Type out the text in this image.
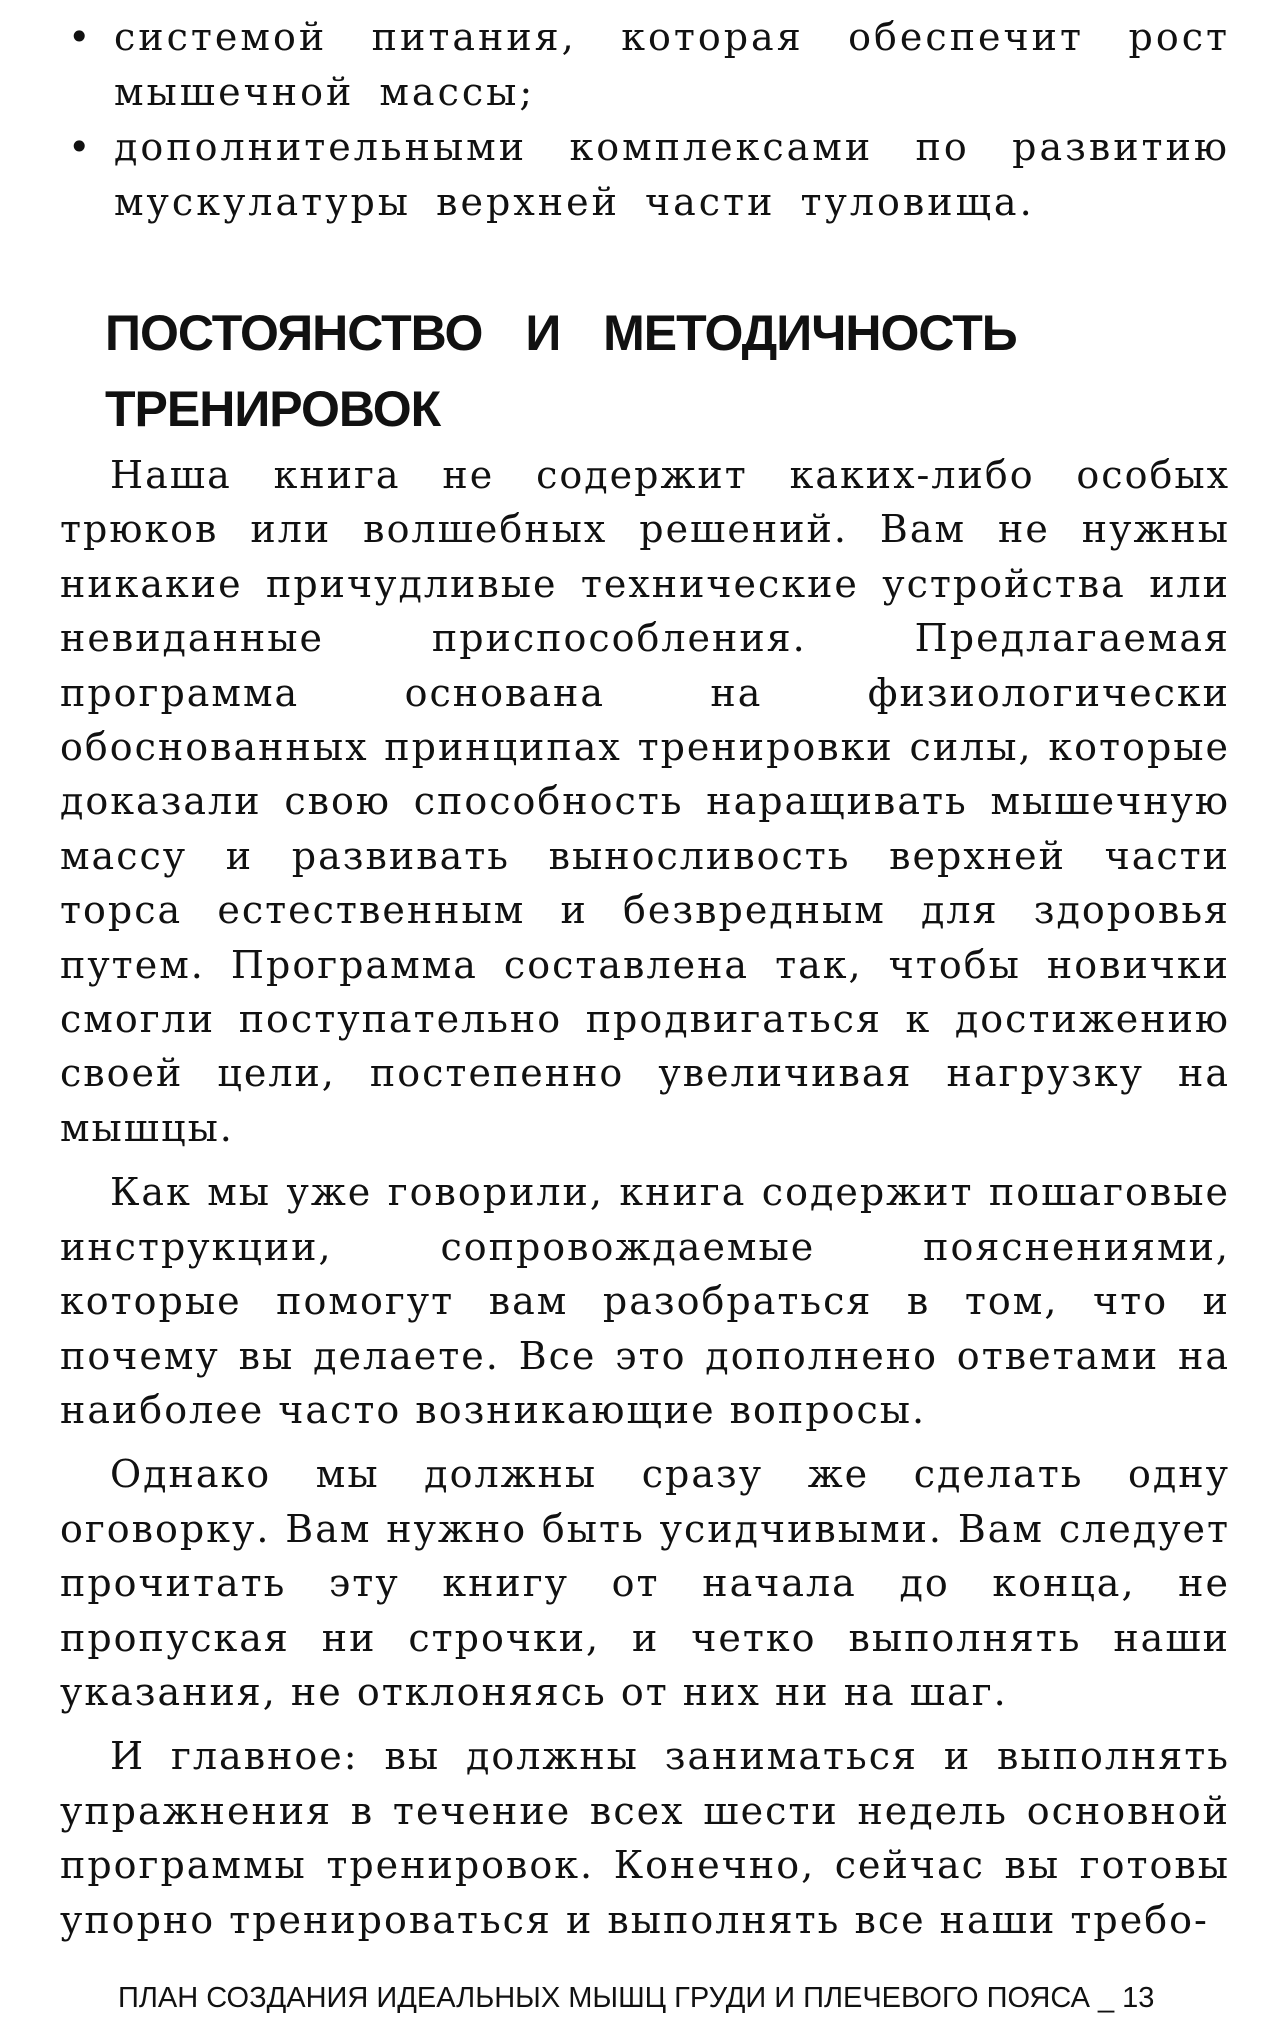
• системой питания, которая обеспечит рост мышечной массы;
• дополнительными комплексами по развитию мускулатуры верхней части туловища.
ПОСТОЯНСТВО И МЕТОДИЧНОСТЬ ТРЕНИРОВОК

Наша книга не содержит каких-либо особых трюков или волшебных решений. Вам не нужны никакие причудливые технические устройства или невиданные приспособления. Предлагаемая программа основана на физиологически обоснованных принципах тренировки силы, которые доказали свою способность наращивать мышечную массу и развивать выносливость верхней части торса естественным и безвредным для здоровья путем. Программа составлена так, чтобы новички смогли поступательно продвигаться к достижению своей цели, постепенно увеличивая нагрузку на мышцы.

Как мы уже говорили, книга содержит пошаговые инструкции, сопровождаемые пояснениями, которые помогут вам разобраться в том, что и почему вы делаете. Все это дополнено ответами на наиболее часто возникающие вопросы.

Однако мы должны сразу же сделать одну оговорку. Вам нужно быть усидчивыми. Вам следует прочитать эту книгу от начала до конца, не пропуская ни строчки, и четко выполнять наши указания, не отклоняясь от них ни на шаг.

И главное: вы должны заниматься и выполнять упражнения в течение всех шести недель основной программы тренировок. Конечно, сейчас вы готовы упорно тренироваться и выполнять все наши требо-

ПЛАН СОЗДАНИЯ ИДЕАЛЬНЫХ МЫШЦ ГРУДИ И ПЛЕЧЕВОГО ПОЯСА _ 13
